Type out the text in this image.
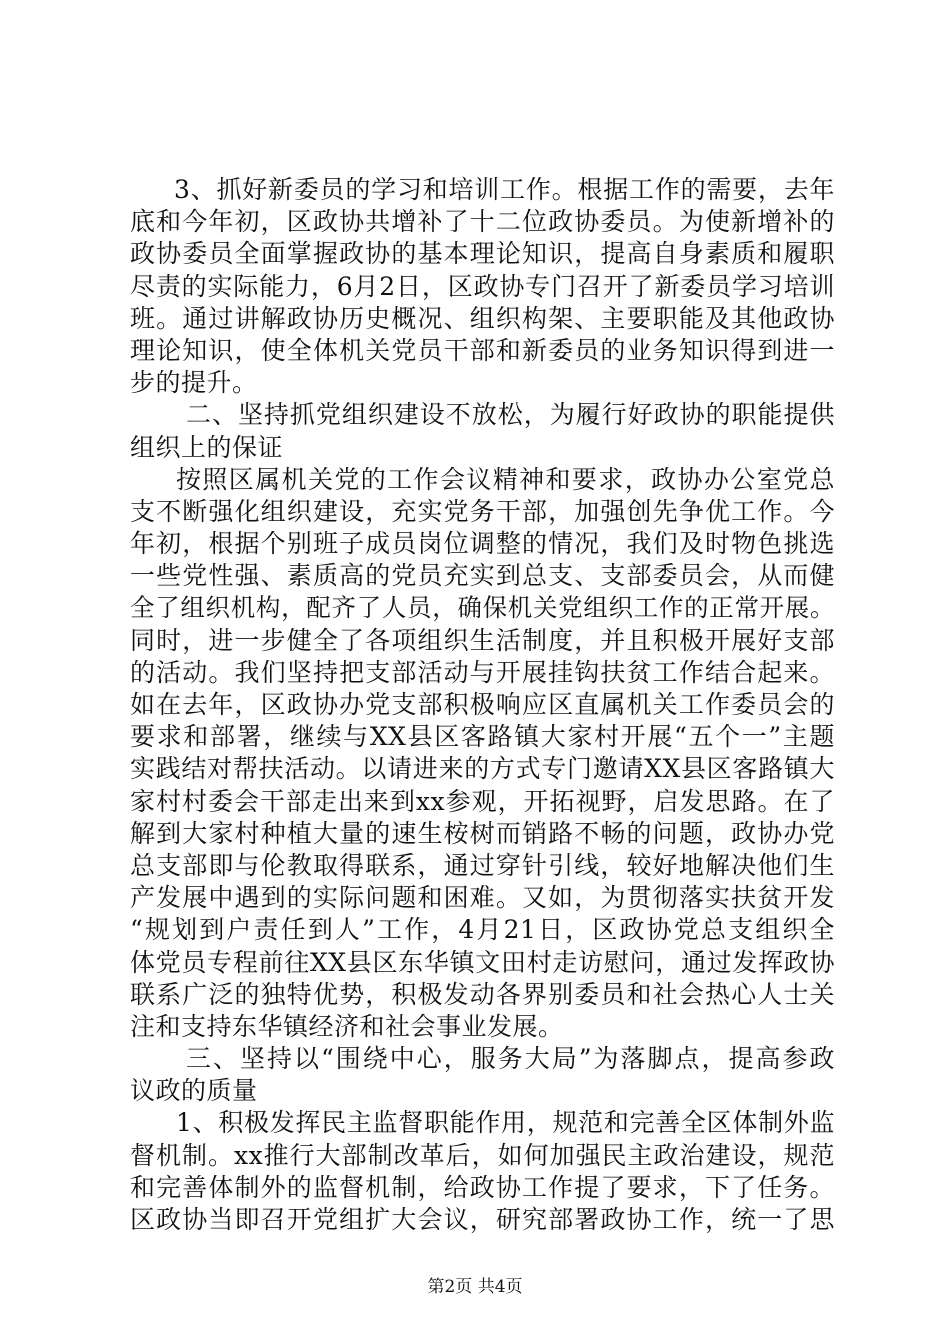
3、抓好新委员的学习和培训工作。根据工作的需要，去年
底和今年初，区政协共增补了十二位政协委员。为使新增补的
政协委员全面掌握政协的基本理论知识，提高自身素质和履职
尽责的实际能力，6月2日，区政协专门召开了新委员学习培训
班。通过讲解政协历史概况、组织构架、主要职能及其他政协
理论知识，使全体机关党员干部和新委员的业务知识得到进一
步的提升。
二、坚持抓党组织建设不放松，为履行好政协的职能提供
组织上的保证
按照区属机关党的工作会议精神和要求，政协办公室党总
支不断强化组织建设，充实党务干部，加强创先争优工作。今
年初，根据个别班子成员岗位调整的情况，我们及时物色挑选
一些党性强、素质高的党员充实到总支、支部委员会，从而健
全了组织机构，配齐了人员，确保机关党组织工作的正常开展。
同时，进一步健全了各项组织生活制度，并且积极开展好支部
的活动。我们坚持把支部活动与开展挂钩扶贫工作结合起来。
如在去年，区政协办党支部积极响应区直属机关工作委员会的
要求和部署，继续与XX县区客路镇大家村开展“五个一”主题
实践结对帮扶活动。以请进来的方式专门邀请XX县区客路镇大
家村村委会干部走出来到xx参观，开拓视野，启发思路。在了
解到大家村种植大量的速生桉树而销路不畅的问题，政协办党
总支部即与伦教取得联系，通过穿针引线，较好地解决他们生
产发展中遇到的实际问题和困难。又如，为贯彻落实扶贫开发
“规划到户责任到人”工作，4月21日，区政协党总支组织全
体党员专程前往XX县区东华镇文田村走访慰问，通过发挥政协
联系广泛的独特优势，积极发动各界别委员和社会热心人士关
注和支持东华镇经济和社会事业发展。
三、坚持以“围绕中心，服务大局”为落脚点，提高参政
议政的质量
1、积极发挥民主监督职能作用，规范和完善全区体制外监
督机制。xx推行大部制改革后，如何加强民主政治建设，规范
和完善体制外的监督机制，给政协工作提了要求，下了任务。
区政协当即召开党组扩大会议，研究部署政协工作，统一了思
第2页 共4页
